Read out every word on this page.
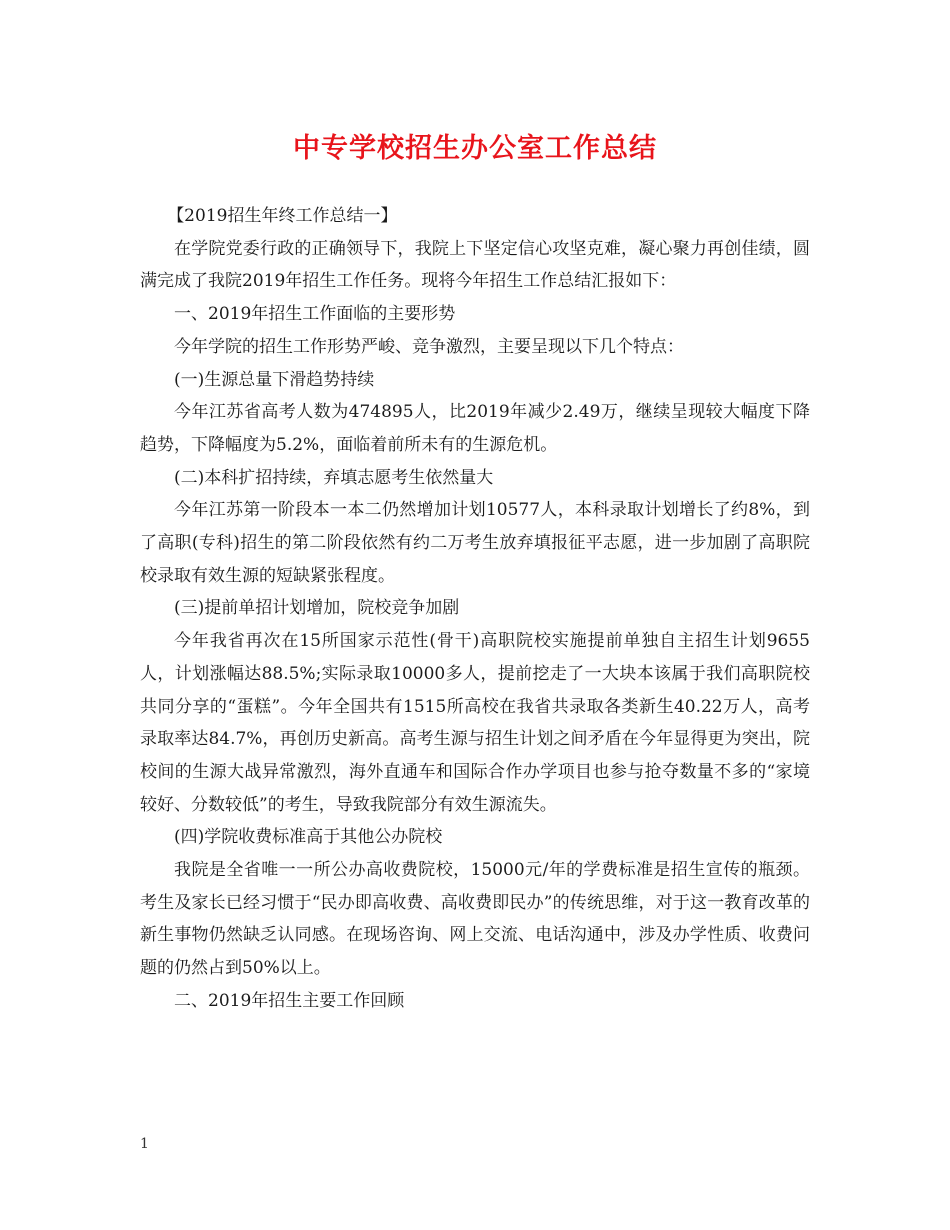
中专学校招生办公室工作总结

【2019招生年终工作总结一】

在学院党委行政的正确领导下，我院上下坚定信心攻坚克难，凝心聚力再创佳绩，圆满完成了我院2019年招生工作任务。现将今年招生工作总结汇报如下：

一、2019年招生工作面临的主要形势

今年学院的招生工作形势严峻、竞争激烈，主要呈现以下几个特点：

(一)生源总量下滑趋势持续

今年江苏省高考人数为474895人，比2019年减少2.49万，继续呈现较大幅度下降趋势，下降幅度为5.2%，面临着前所未有的生源危机。

(二)本科扩招持续，弃填志愿考生依然量大

今年江苏第一阶段本一本二仍然增加计划10577人，本科录取计划增长了约8%，到了高职(专科)招生的第二阶段依然有约二万考生放弃填报征平志愿，进一步加剧了高职院校录取有效生源的短缺紧张程度。

(三)提前单招计划增加，院校竞争加剧

今年我省再次在15所国家示范性(骨干)高职院校实施提前单独自主招生计划9655 人，计划涨幅达88.5%;实际录取10000多人，提前挖走了一大块本该属于我们高职院校共同分享的“蛋糕”。今年全国共有1515所高校在我省共录取各类新生40.22万人，高考录取率达84.7%，再创历史新高。高考生源与招生计划之间矛盾在今年显得更为突出，院校间的生源大战异常激烈，海外直通车和国际合作办学项目也参与抢夺数量不多的“家境较好、分数较低”的考生，导致我院部分有效生源流失。

(四)学院收费标准高于其他公办院校

我院是全省唯一一所公办高收费院校，15000元/年的学费标准是招生宣传的瓶颈。考生及家长已经习惯于“民办即高收费、高收费即民办”的传统思维，对于这一教育改革的新生事物仍然缺乏认同感。在现场咨询、网上交流、电话沟通中，涉及办学性质、收费问题的仍然占到50%以上。

二、2019年招生主要工作回顾

1
